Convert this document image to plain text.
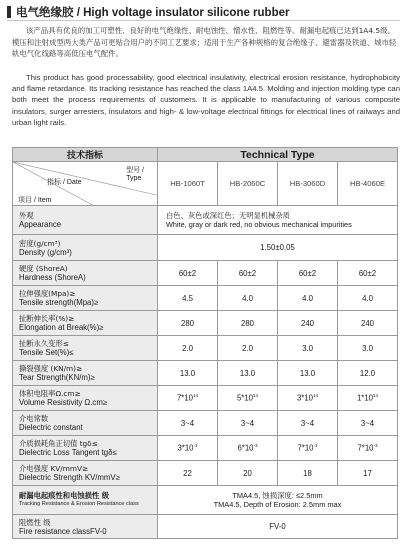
电气绝缘胶 / High voltage insulator silicone rubber

该产品具有优良的加工可塑性、良好的电气绝缘性、耐电蚀性、憎水性、阻燃性等。耐漏电起痕已达到1A4.5级。模压和注射成型两大类产品可更贴合用户的不同工艺要求；适用于生产各种规格的复合绝缘子、避雷器及铁道、城市轻轨电气化线路等高低压电气配件。

This product has good processability, good electrical insulativity, electrical erosion resistance, hydrophobicity and flame retardance. Its tracking resistance has reached the class 1A4.5. Molding and injection molding type can both meet the process requirements of customers. It is applicable to manufacturing of various composite insulators, surger arresters, insulators and high- & low-voltage electrical fittings for electrical lines of railways and urban light rails.

技术指标	Technical Type			

型号 /
Type
指标 / Date
项目 / Item	HB-1060T	HB-2060C	HB-3060D	HB-4060E

外观
Appearance	白色、灰色或深红色；无明显机械杂质
White, gray or dark red, no obvious mechanical impurities			

密度(g/cm³)
Density (g/cm³)	1.50±0.05			

硬度 (ShoreA)
Hardness (ShoreA)	60±2	60±2	60±2	60±2

拉伸强度(Mpa)≥
Tensile strength(Mpa)≥	4.5	4.0	4.0	4.0

扯断伸长率(%)≥
Elongation at Break(%)≥	280	280	240	240

扯断永久变形≤
Tensile Set(%)≤	2.0	2.0	3.0	3.0

撕裂强度 (KN/m)≥
Tear Strength(KN/m)≥	13.0	13.0	13.0	12.0

体积电阻率Ω.cm≥
Volume Resistivity Ω.cm≥	$7*10^{14}$	$5*10^{14}$	$3*10^{14}$	$1*10^{14}$

介电常数
Dielectric constant	3~4	3~4	3~4	3~4

介质损耗角正切值 tgδ≤
Dielectric Loss Tangent tgδ≤	$3*10^{-3}$	$6*10^{-3}$	$7*10^{-3}$	$7*10^{-3}$

介电强度 KV/mmV≥
Dielectric Strength KV/mmV≥	22	20	18	17

耐漏电起痕性和电蚀损性 级
Tracking Resistance & Erosion Resistance class	TMA4.5, 蚀损深度: ≤2.5mm
TMA4.5, Depth of Erosion: 2.5mm max			

阻燃性 级
Fire resistance classFV-0	FV-0			
